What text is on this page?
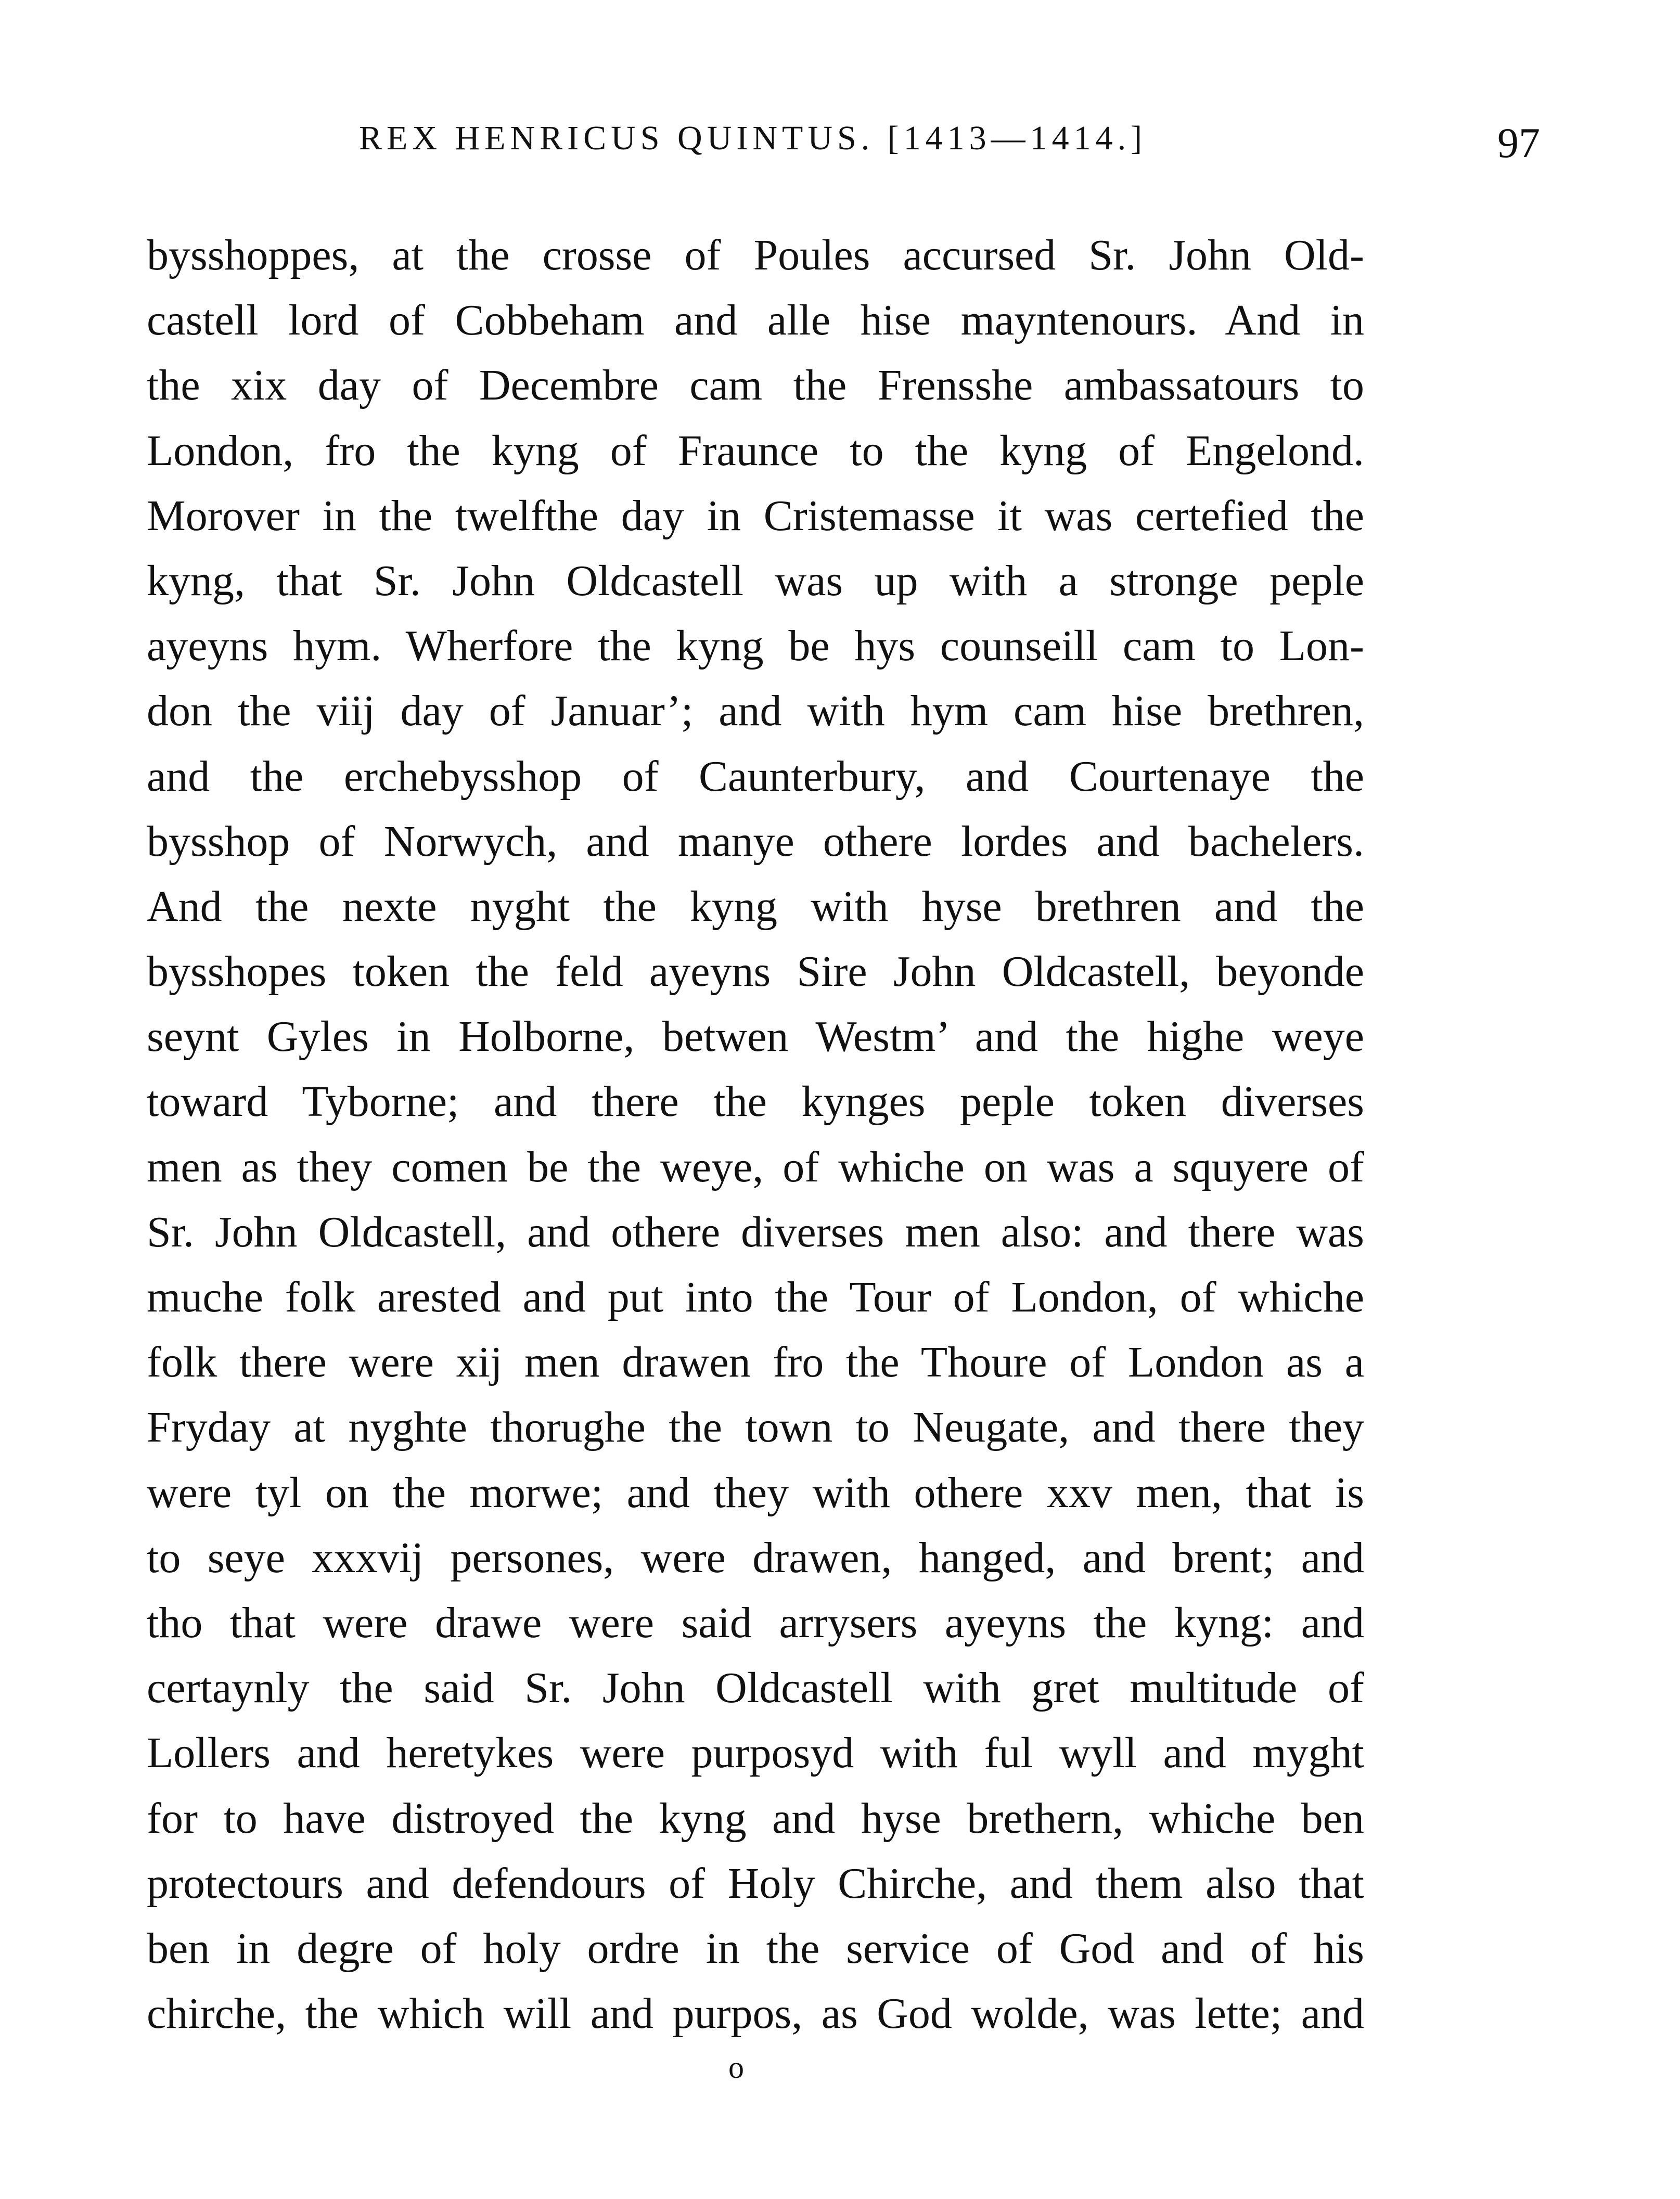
REX HENRICUS QUINTUS. [1413—1414.]	97
bysshoppes, at the crosse of Poules accursed Sr. John Old-
castell lord of Cobbeham and alle hise mayntenours. And in
the xix day of Decembre cam the Frensshe ambassatours to
London, fro the kyng of Fraunce to the kyng of Engelond.
Morover in the twelfthe day in Cristemasse it was certefied the
kyng, that Sr. John Oldcastell was up with a stronge peple
ayeyns hym. Wherfore the kyng be hys counseill cam to Lon-
don the viij day of Januar’; and with hym cam hise brethren,
and the erchebysshop of Caunterbury, and Courtenaye the
bysshop of Norwych, and manye othere lordes and bachelers.
And the nexte nyght the kyng with hyse brethren and the
bysshopes token the feld ayeyns Sire John Oldcastell, beyonde
seynt Gyles in Holborne, betwen Westm’ and the highe weye
toward Tyborne; and there the kynges peple token diverses
men as they comen be the weye, of whiche on was a squyere of
Sr. John Oldcastell, and othere diverses men also: and there was
muche folk arested and put into the Tour of London, of whiche
folk there were xij men drawen fro the Thoure of London as a
Fryday at nyghte thorughe the town to Neugate, and there they
were tyl on the morwe; and they with othere xxv men, that is
to seye xxxvij persones, were drawen, hanged, and brent; and
tho that were drawe were said arrysers ayeyns the kyng: and
certaynly the said Sr. John Oldcastell with gret multitude of
Lollers and heretykes were purposyd with ful wyll and myght
for to have distroyed the kyng and hyse brethern, whiche ben
protectours and defendours of Holy Chirche, and them also that
ben in degre of holy ordre in the service of God and of his
chirche, the which will and purpos, as God wolde, was lette; and
o
